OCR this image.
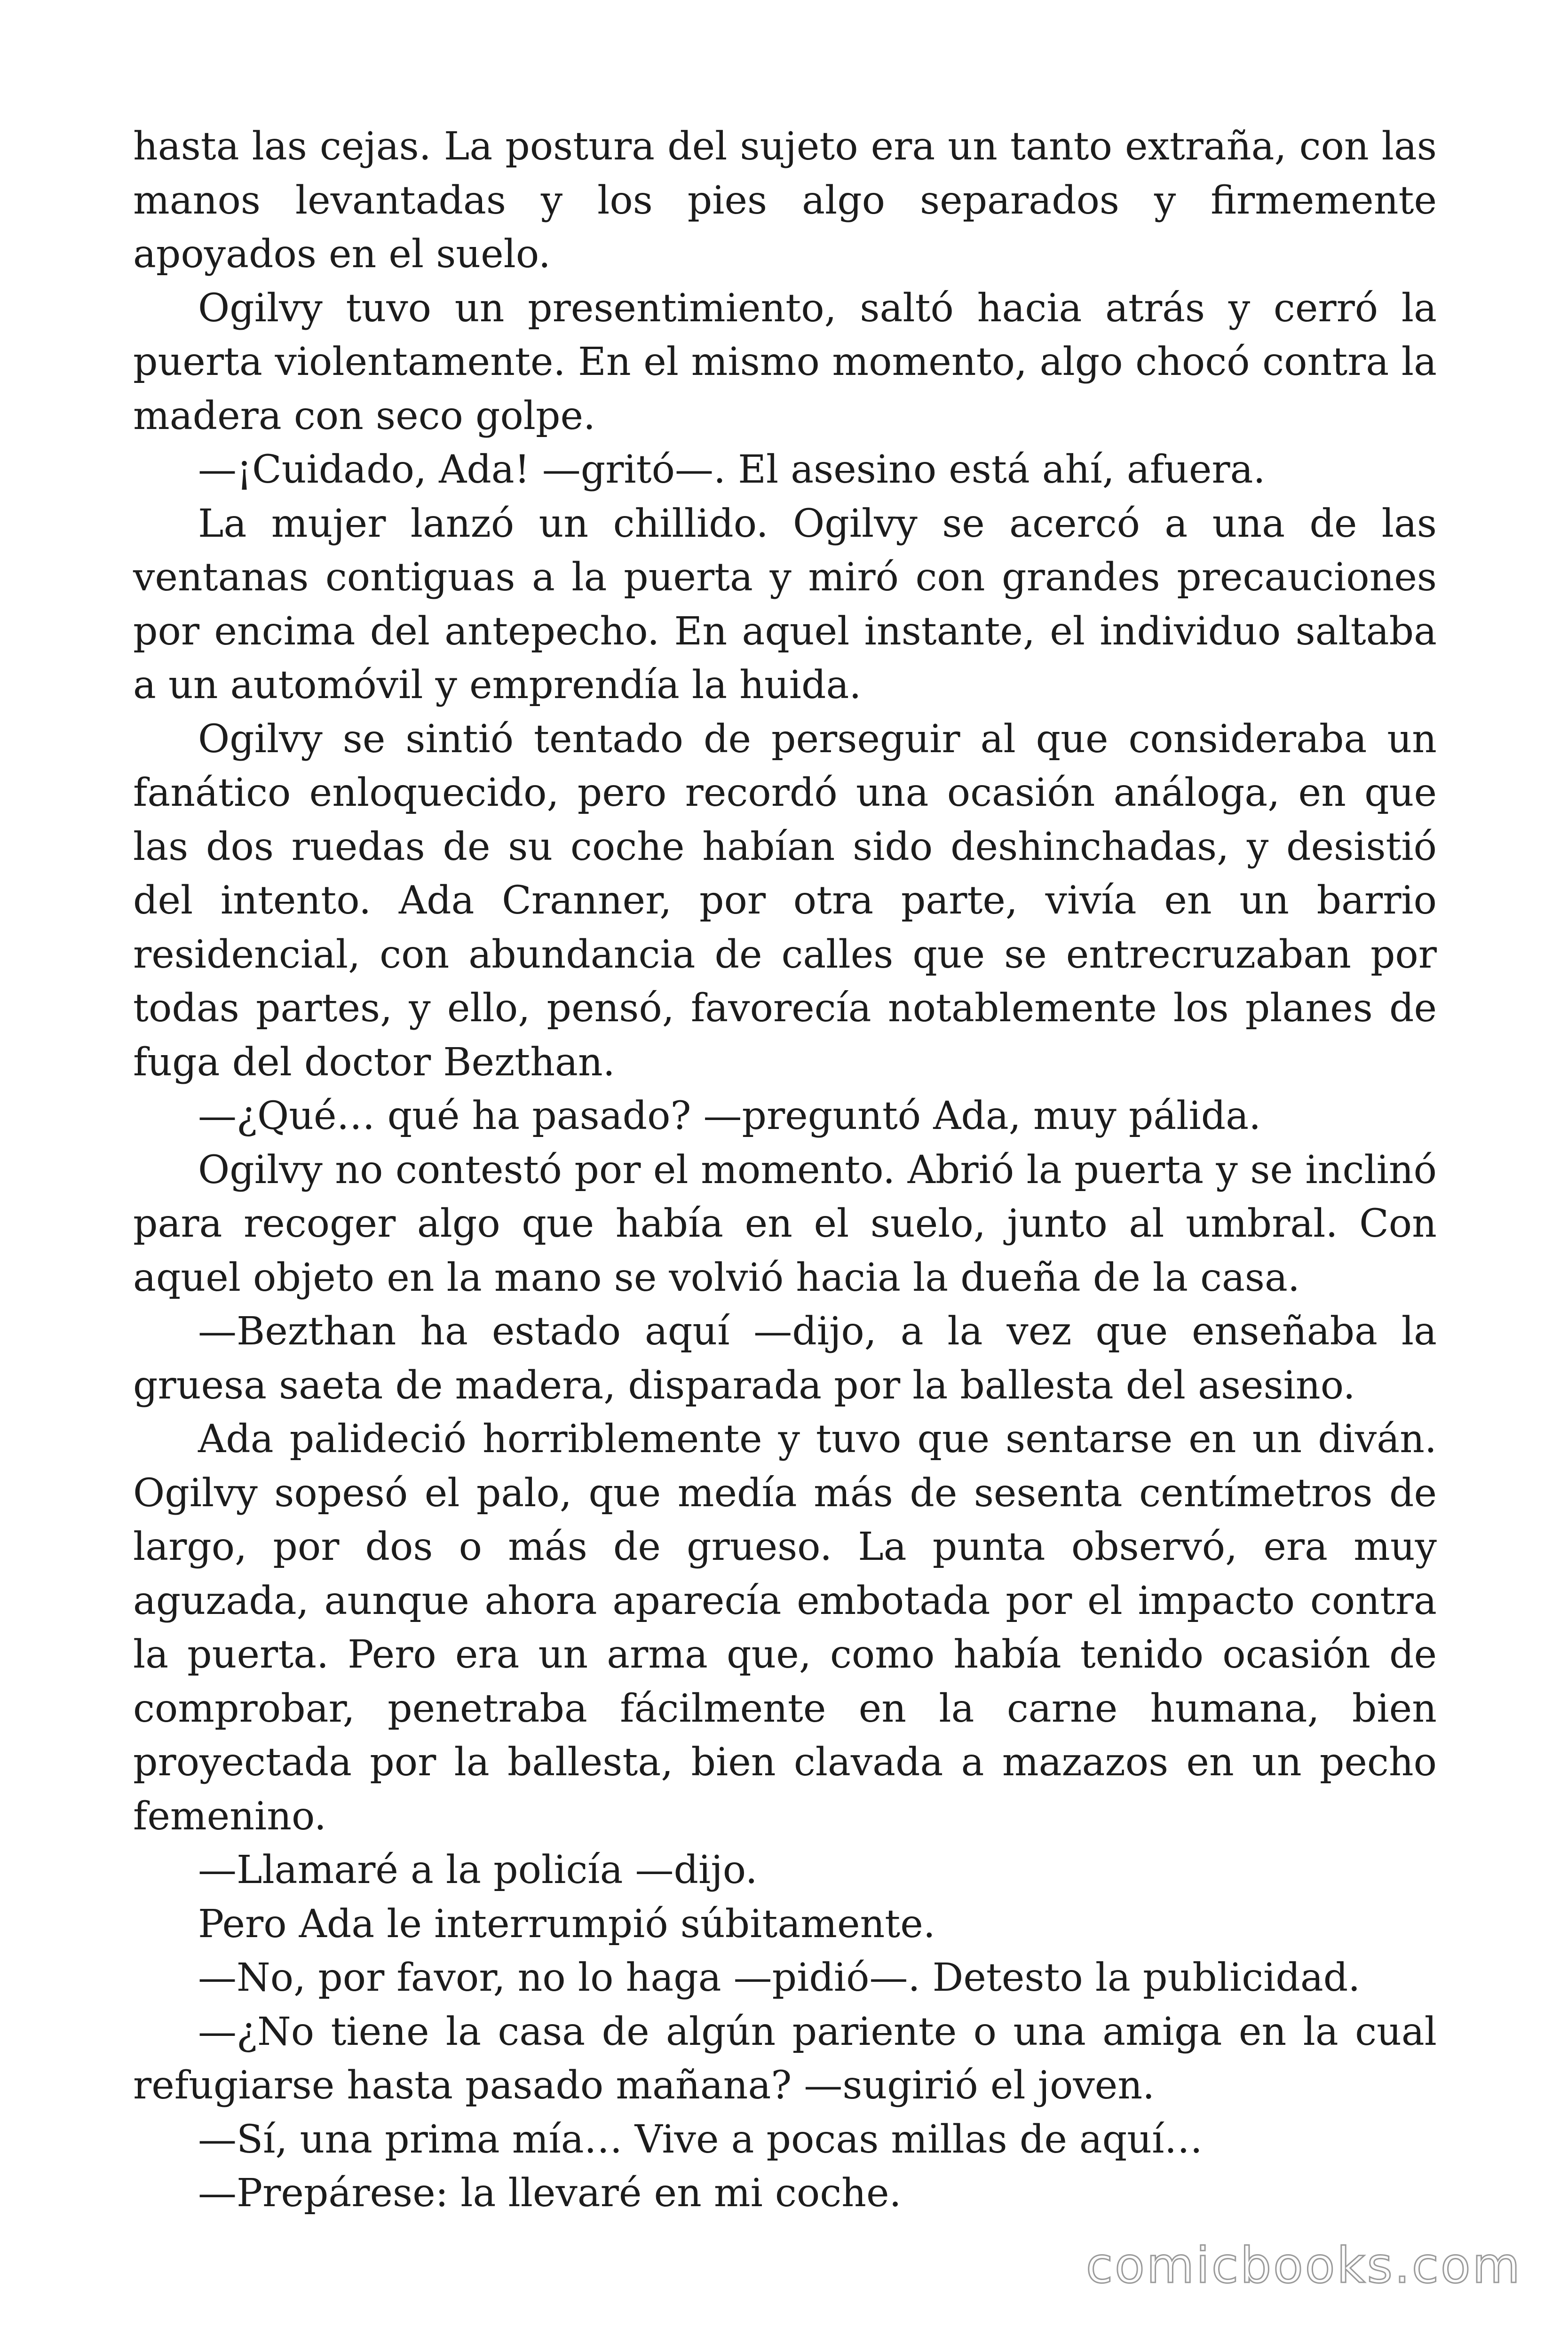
hasta las cejas. La postura del sujeto era un tanto extraña, con las manos levantadas y los pies algo separados y firmemente apoyados en el suelo.

Ogilvy tuvo un presentimiento, saltó hacia atrás y cerró la puerta violentamente. En el mismo momento, algo chocó contra la madera con seco golpe.

—¡Cuidado, Ada! —gritó—. El asesino está ahí, afuera.

La mujer lanzó un chillido. Ogilvy se acercó a una de las ventanas contiguas a la puerta y miró con grandes precauciones por encima del antepecho. En aquel instante, el individuo saltaba a un automóvil y emprendía la huida.

Ogilvy se sintió tentado de perseguir al que consideraba un fanático enloquecido, pero recordó una ocasión análoga, en que las dos ruedas de su coche habían sido deshinchadas, y desistió del intento. Ada Cranner, por otra parte, vivía en un barrio residencial, con abundancia de calles que se entrecruzaban por todas partes, y ello, pensó, favorecía notablemente los planes de fuga del doctor Bezthan.

—¿Qué… qué ha pasado? —preguntó Ada, muy pálida.

Ogilvy no contestó por el momento. Abrió la puerta y se inclinó para recoger algo que había en el suelo, junto al umbral. Con aquel objeto en la mano se volvió hacia la dueña de la casa.

—Bezthan ha estado aquí —dijo, a la vez que enseñaba la gruesa saeta de madera, disparada por la ballesta del asesino.

Ada palideció horriblemente y tuvo que sentarse en un diván. Ogilvy sopesó el palo, que medía más de sesenta centímetros de largo, por dos o más de grueso. La punta observó, era muy aguzada, aunque ahora aparecía embotada por el impacto contra la puerta. Pero era un arma que, como había tenido ocasión de comprobar, penetraba fácilmente en la carne humana, bien proyectada por la ballesta, bien clavada a mazazos en un pecho femenino.

—Llamaré a la policía —dijo.

Pero Ada le interrumpió súbitamente.

—No, por favor, no lo haga —pidió—. Detesto la publicidad.

—¿No tiene la casa de algún pariente o una amiga en la cual refugiarse hasta pasado mañana? —sugirió el joven.

—Sí, una prima mía… Vive a pocas millas de aquí…

—Prepárese: la llevaré en mi coche.

comicbooks.com
